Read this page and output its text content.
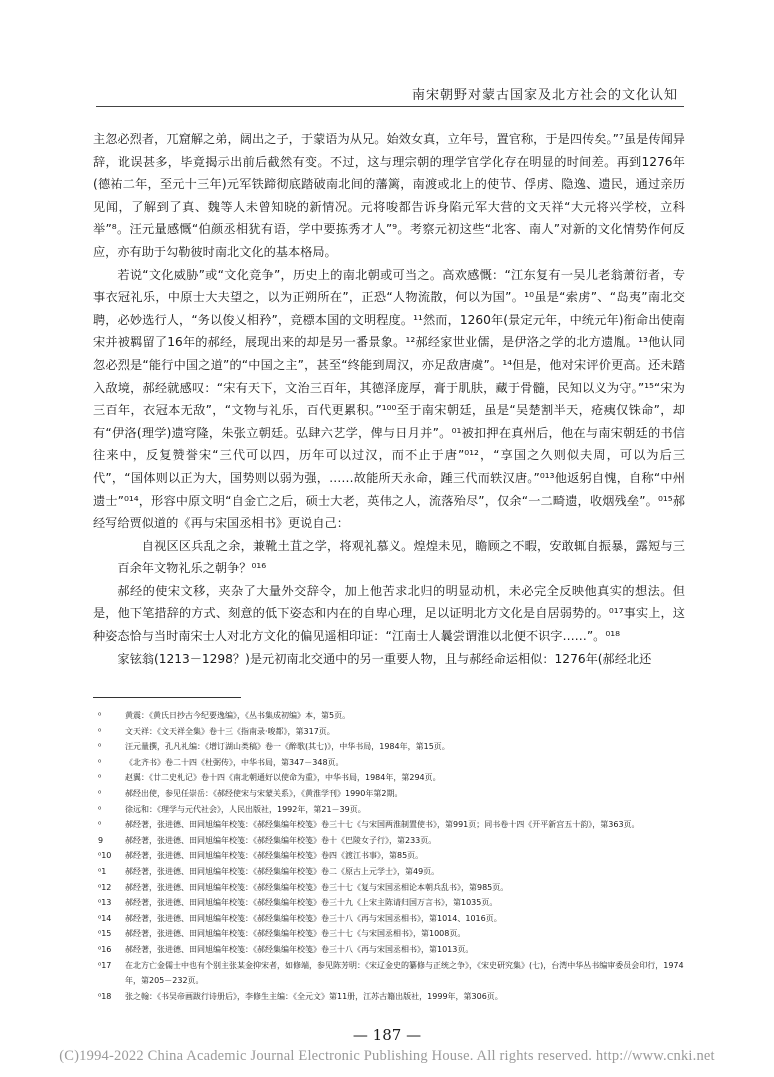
南宋朝野对蒙古国家及北方社会的文化认知

主忽必烈者，兀窟解之弟，阔出之子，于蒙语为从兄。始效女真，立年号，置官称，于是四传矣。”⁷虽是传闻异辞，讹误甚多，毕竟揭示出前后截然有变。不过，这与理宗朝的理学官学化存在明显的时间差。再到1276年(德祐二年，至元十三年)元军铁蹄彻底踏破南北间的藩篱，南渡或北上的使节、俘虏、隐逸、遗民，通过亲历见闻，了解到了真、魏等人未曾知晓的新情况。元将唆都告诉身陷元军大营的文天祥“大元将兴学校，立科举”⁸。汪元量感慨“伯颜丞相犹有语，学中要拣秀才人”⁹。考察元初这些“北客、南人”对新的文化情势作何反应，亦有助于勾勒彼时南北文化的基本格局。

若说“文化威胁”或“文化竞争”，历史上的南北朝或可当之。高欢感慨：“江东复有一吴儿老翁萧衍者，专事衣冠礼乐，中原士大夫望之，以为正朔所在”，正恐“人物流散，何以为国”。¹⁰虽是“索虏”、“岛夷”南北交聘，必妙选行人，“务以俊乂相矜”，竞標本国的文明程度。¹¹然而，1260年(景定元年，中统元年)衔命出使南宋并被羁留了16年的郝经，展现出来的却是另一番景象。¹²郝经家世业儒，是伊洛之学的北方遗胤。¹³他认同忽必烈是“能行中国之道”的“中国之主”，甚至“终能到周汉，亦足敌唐虞”。¹⁴但是，他对宋评价更高。还未踏入敌境，郝经就感叹：“宋有天下，文治三百年，其德泽庞厚，膏于肌肤，藏于骨髓，民知以义为守。”¹⁵“宋为三百年，衣冠本无敌”，“文物与礼乐，百代更累积。”¹⁰⁰至于南宋朝廷，虽是“吴楚割半天，疮痍仅铢命”，却有“伊洛(理学)遗穹隆，朱张立朝廷。弘肆六艺学，俾与日月并”。⁰¹被扣押在真州后，他在与南宋朝廷的书信往来中，反复赞誉宋“三代可以四，历年可以过汉，而不止于唐”⁰¹²，“享国之久则似夫周，可以为后三代”，“国体则以正为大，国势则以弱为强，……故能所天永命，踵三代而轶汉唐。”⁰¹³他返躬自愧，自称“中州遗士”⁰¹⁴，形容中原文明“自金亡之后，硕士大老，英伟之人，流落殆尽”，仅余“一二畸遗，收烟残垒”。⁰¹⁵郝经写给贾似道的《再与宋国丞相书》更说自己：

自视区区兵乱之余，兼靴土苴之学，将观礼慕义。煌煌未见，瞻顾之不暇，安敢辄自振暴，露短与三百余年文物礼乐之朝争？⁰¹⁶

郝经的使宋文移，夹杂了大量外交辞令，加上他苦求北归的明显动机，未必完全反映他真实的想法。但是，他下笔措辞的方式、刻意的低下姿态和内在的自卑心理，足以证明北方文化是自居弱势的。⁰¹⁷事实上，这种姿态恰与当时南宋士人对北方文化的偏见遥相印证：“江南士人曩尝谓淮以北便不识字……”。⁰¹⁸

家铉翁(1213－1298？)是元初南北交通中的另一重要人物，且与郝经命运相似：1276年(郝经北还

⁰	黄震：《黄氏日抄古今纪要逸编》，《丛书集成初编》本，第5页。
⁰	文天祥：《文天祥全集》卷十三《指南录·唆都》，第317页。
⁰	汪元量撰，孔凡礼编：《增订湖山类稿》卷一《醉歌(其七)》，中华书局，1984年，第15页。
⁰	《北齐书》卷二十四《杜弼传》，中华书局，第347－348页。
⁰	赵翼：《廿二史札记》卷十四《南北朝通好以使命为重》，中华书局，1984年，第294页。
⁰	郝经出使，参见任崇岳：《郝经使宋与宋蒙关系》，《黄淮学刊》1990年第2期。
⁰	徐远和：《理学与元代社会》，人民出版社，1992年，第21－39页。
⁰	郝经著，张进德、田同旭编年校笺：《郝经集编年校笺》卷三十七《与宋国两淮制置使书》，第991页；同书卷十四《开平新宫五十韵》，第363页。
9	郝经著，张进德、田同旭编年校笺：《郝经集编年校笺》卷十《巴陵女子行》，第233页。
⁰10	郝经著，张进德、田同旭编年校笺：《郝经集编年校笺》卷四《渡江书事》，第85页。
⁰1	郝经著，张进德、田同旭编年校笺：《郝经集编年校笺》卷二《原古上元学士》，第49页。
⁰12	郝经著，张进德、田同旭编年校笺：《郝经集编年校笺》卷三十七《复与宋国丞相论本朝兵乱书》，第985页。
⁰13	郝经著，张进德、田同旭编年校笺：《郝经集编年校笺》卷三十九《上宋主陈请归国万言书》，第1035页。
⁰14	郝经著，张进德、田同旭编年校笺：《郝经集编年校笺》卷三十八《再与宋国丞相书》，第1014、1016页。
⁰15	郝经著，张进德、田同旭编年校笺：《郝经集编年校笺》卷三十七《与宋国丞相书》，第1008页。
⁰16	郝经著，张进德、田同旭编年校笺：《郝经集编年校笺》卷三十八《再与宋国丞相书》，第1013页。
⁰17	在北方亡金儒士中也有个别主张某金抑宋者，如修端，参见陈芳明：《宋辽金史的纂修与正统之争》，《宋史研究集》(七)，台湾中华丛书编审委员会印行，1974年，第205－232页。
⁰18	张之翰：《书吴帝画跋行诗册后》，李修生主编：《全元文》第11册，江苏古籍出版社，1999年，第306页。
— 187 —
(C)1994-2022 China Academic Journal Electronic Publishing House. All rights reserved. http://www.cnki.net
